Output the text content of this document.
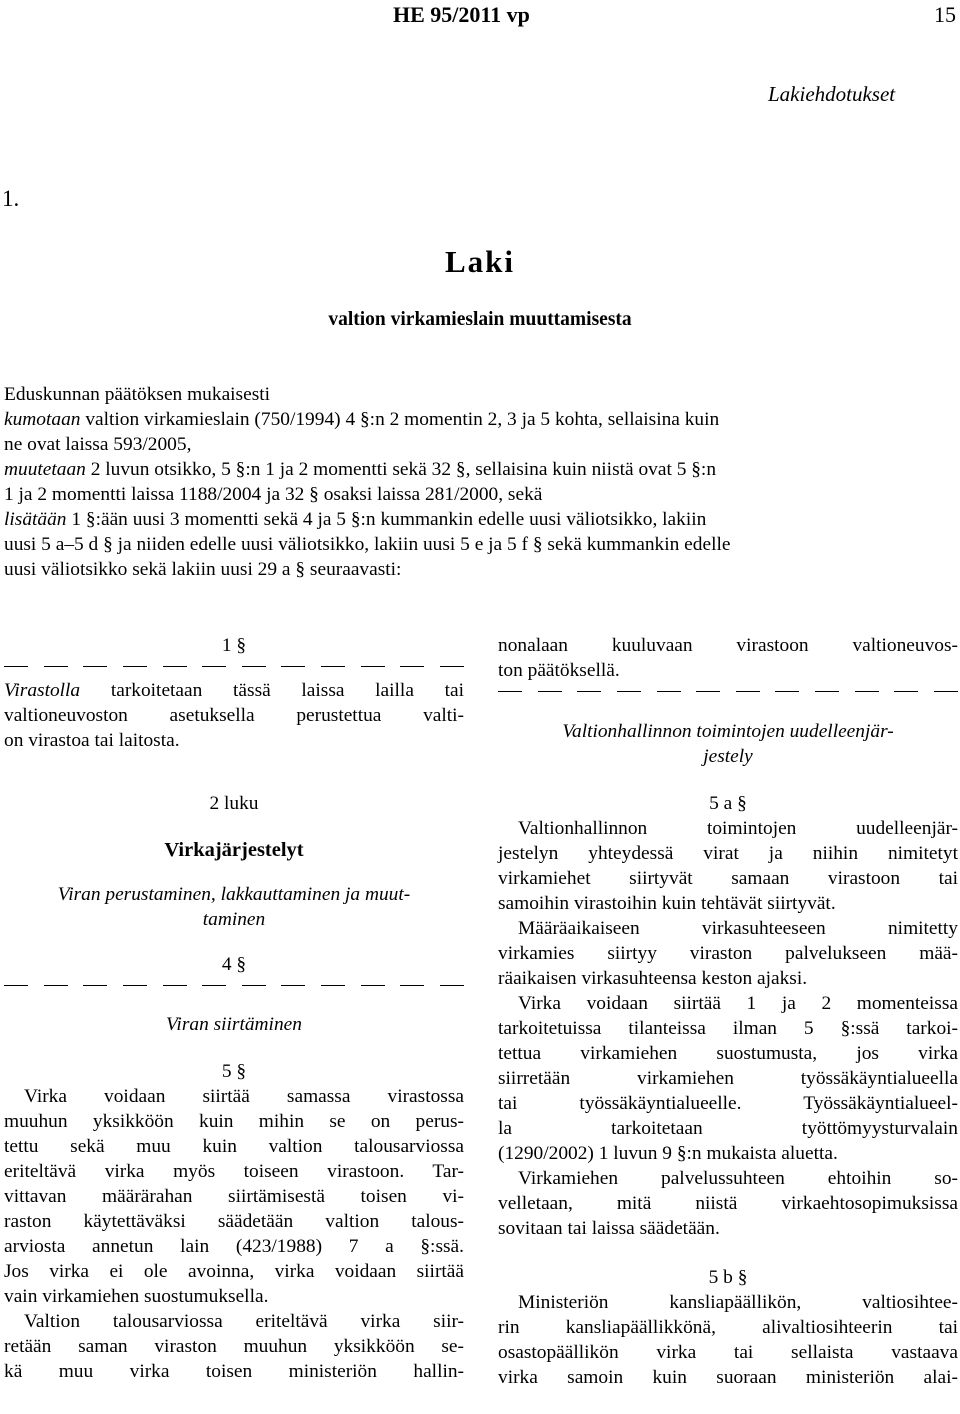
HE 95/2011 vp	15
Lakiehdotukset
1.
Laki
valtion virkamieslain muuttamisesta
Eduskunnan päätöksen mukaisesti
kumotaan valtion virkamieslain (750/1994) 4 §:n 2 momentin 2, 3 ja 5 kohta, sellaisina kuin
ne ovat laissa 593/2005,
muutetaan 2 luvun otsikko, 5 §:n 1 ja 2 momentti sekä 32 §, sellaisina kuin niistä ovat 5 §:n
1 ja 2 momentti laissa 1188/2004 ja 32 § osaksi laissa 281/2000, sekä
lisätään 1 §:ään uusi 3 momentti sekä 4 ja 5 §:n kummankin edelle uusi väliotsikko, lakiin
uusi 5 a–5 d § ja niiden edelle uusi väliotsikko, lakiin uusi 5 e ja 5 f § sekä kummankin edelle
uusi väliotsikko sekä lakiin uusi 29 a § seuraavasti:
1 §
Virastolla tarkoitetaan tässä laissa lailla tai
valtioneuvoston asetuksella perustettua valti-
on virastoa tai laitosta.
2 luku
Virkajärjestelyt
Viran perustaminen, lakkauttaminen ja muut-
taminen
4 §
Viran siirtäminen
5 §
Virka voidaan siirtää samassa virastossa
muuhun yksikköön kuin mihin se on perus-
tettu sekä muu kuin valtion talousarviossa
eriteltävä virka myös toiseen virastoon. Tar-
vittavan määrärahan siirtämisestä toisen vi-
raston käytettäväksi säädetään valtion talous-
arviosta annetun lain (423/1988) 7 a §:ssä.
Jos virka ei ole avoinna, virka voidaan siirtää
vain virkamiehen suostumuksella.
Valtion talousarviossa eriteltävä virka siir-
retään saman viraston muuhun yksikköön se-
kä muu virka toisen ministeriön hallin-
nonalaan kuuluvaan virastoon valtioneuvos-
ton päätöksellä.
Valtionhallinnon toimintojen uudelleenjär-
jestely
5 a §
Valtionhallinnon toimintojen uudelleenjär-
jestelyn yhteydessä virat ja niihin nimitetyt
virkamiehet siirtyvät samaan virastoon tai
samoihin virastoihin kuin tehtävät siirtyvät.
Määräaikaiseen virkasuhteeseen nimitetty
virkamies siirtyy viraston palvelukseen mää-
räaikaisen virkasuhteensa keston ajaksi.
Virka voidaan siirtää 1 ja 2 momenteissa
tarkoitetuissa tilanteissa ilman 5 §:ssä tarkoi-
tettua virkamiehen suostumusta, jos virka
siirretään virkamiehen työssäkäyntialueella
tai työssäkäyntialueelle. Työssäkäyntialueel-
la tarkoitetaan työttömyysturvalain
(1290/2002) 1 luvun 9 §:n mukaista aluetta.
Virkamiehen palvelussuhteen ehtoihin so-
velletaan, mitä niistä virkaehtosopimuksissa
sovitaan tai laissa säädetään.
5 b §
Ministeriön kansliapäällikön, valtiosihtee-
rin kansliapäällikkönä, alivaltiosihteerin tai
osastopäällikön virka tai sellaista vastaava
virka samoin kuin suoraan ministeriön alai-
